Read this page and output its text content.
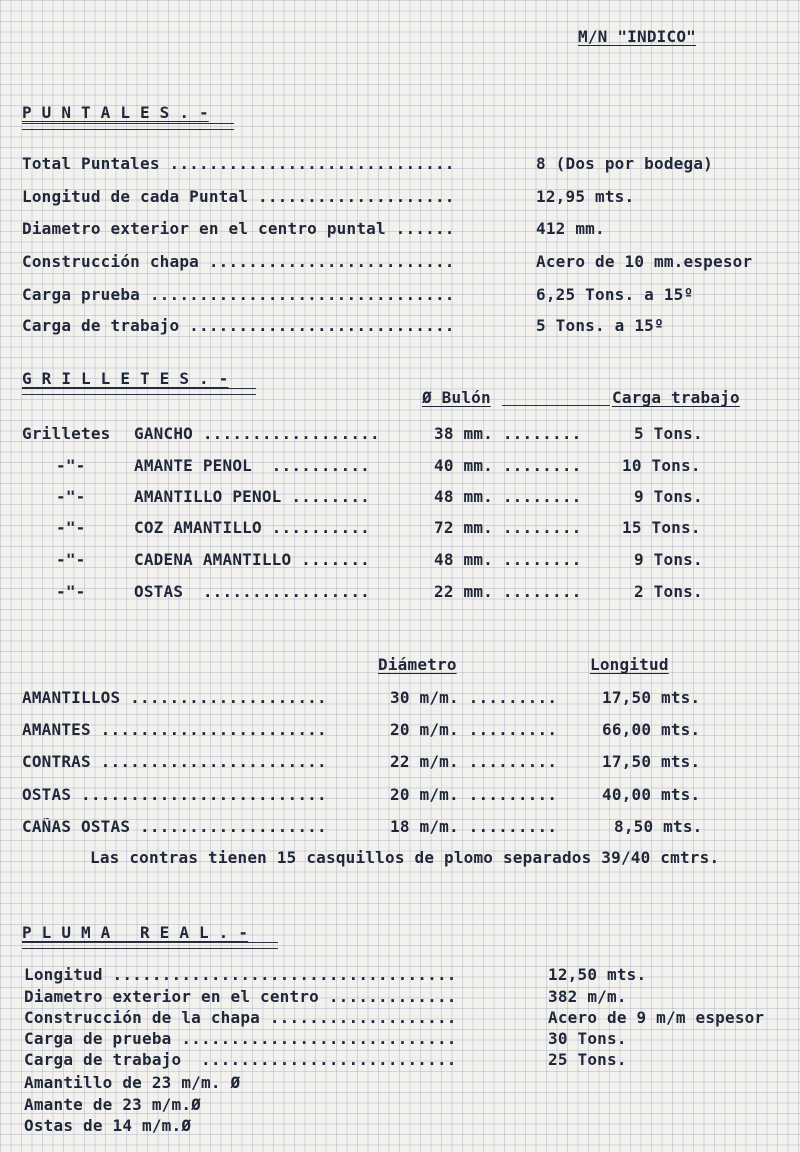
M/N "INDICO"
P U N T A L E S . -
Total Puntales .............................	8 (Dos por bodega)
Longitud de cada Puntal ....................	12,95 mts.
Diametro exterior en el centro puntal ......	412 mm.
Construcción chapa .........................	Acero de 10 mm.espesor
Carga prueba ...............................	6,25 Tons. a 15º
Carga de trabajo ...........................	5 Tons. a 15º
G R I L L E T E S . -
Ø Bulón	Carga trabajo
Grilletes GANCHO ..................	38 mm. ........	5 Tons.
-"-	AMANTE PENOL  ..........	40 mm. ........	10 Tons.
-"-	AMANTILLO PENOL ........	48 mm. ........	9 Tons.
-"-	COZ AMANTILLO ..........	72 mm. ........	15 Tons.
-"-	CADENA AMANTILLO .......	48 mm. ........	9 Tons.
-"-	OSTAS  .................	22 mm. ........	2 Tons.
Diámetro	Longitud
AMANTILLOS ....................	30 m/m. .........	17,50 mts.
AMANTES .......................	20 m/m. .........	66,00 mts.
CONTRAS .......................	22 m/m. .........	17,50 mts.
OSTAS .........................	20 m/m. .........	40,00 mts.
CAÑAS OSTAS ...................	18 m/m. .........	8,50 mts.
Las contras tienen 15 casquillos de plomo separados 39/40 cmtrs.
P L U M A   R E A L . -
Longitud ...................................	12,50 mts.
Diametro exterior en el centro .............	382 m/m.
Construcción de la chapa ...................	Acero de 9 m/m espesor
Carga de prueba ............................	30 Tons.
Carga de trabajo  ..........................	25 Tons.
Amantillo de 23 m/m. Ø
Amante de 23 m/m.Ø
Ostas de 14 m/m.Ø
